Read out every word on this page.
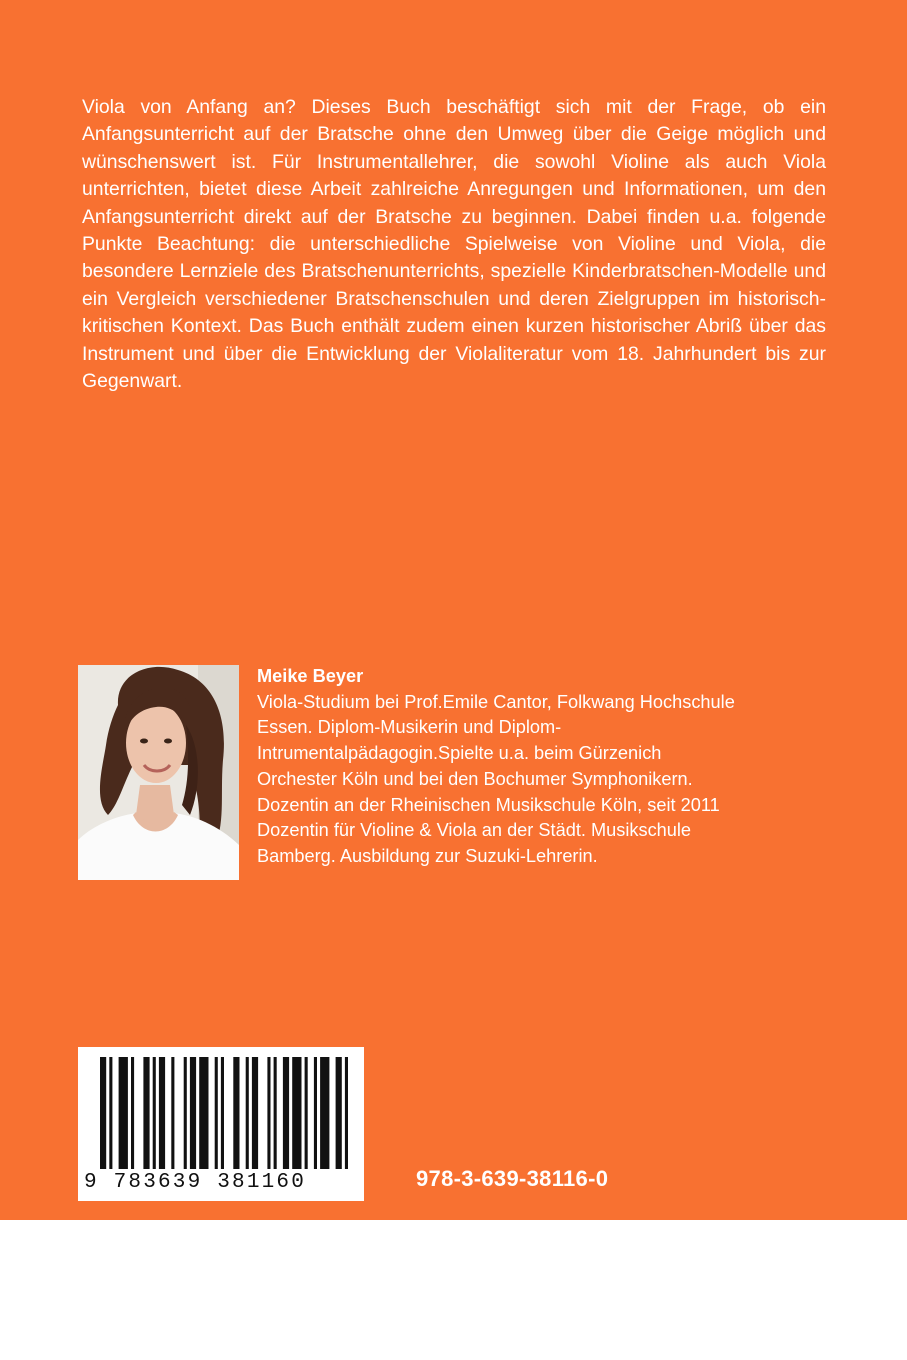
Viola von Anfang an? Dieses Buch beschäftigt sich mit der Frage, ob ein Anfangsunterricht auf der Bratsche ohne den Umweg über die Geige möglich und wünschenswert ist. Für Instrumentallehrer, die sowohl Violine als auch Viola unterrichten, bietet diese Arbeit zahlreiche Anregungen und Informationen, um den Anfangsunterricht direkt auf der Bratsche zu beginnen. Dabei finden u.a. folgende Punkte Beachtung: die unterschiedliche Spielweise von Violine und Viola, die besondere Lernziele des Bratschenunterrichts, spezielle Kinderbratschen-Modelle und ein Vergleich verschiedener Bratschenschulen und deren Zielgruppen im historisch-kritischen Kontext. Das Buch enthält zudem einen kurzen historischer Abriß über das Instrument und über die Entwicklung der Violaliteratur vom 18. Jahrhundert bis zur Gegenwart.

Meike Beyer
Viola-Studium bei Prof.Emile Cantor, Folkwang Hochschule
Essen. Diplom-Musikerin und Diplom-
Intrumentalpädagogin.Spielte u.a. beim Gürzenich
Orchester Köln und bei den Bochumer Symphonikern.
Dozentin an der Rheinischen Musikschule Köln, seit 2011
Dozentin für Violine & Viola an der Städt. Musikschule
Bamberg. Ausbildung zur Suzuki-Lehrerin.
9 783639 381160	978-3-639-38116-0
